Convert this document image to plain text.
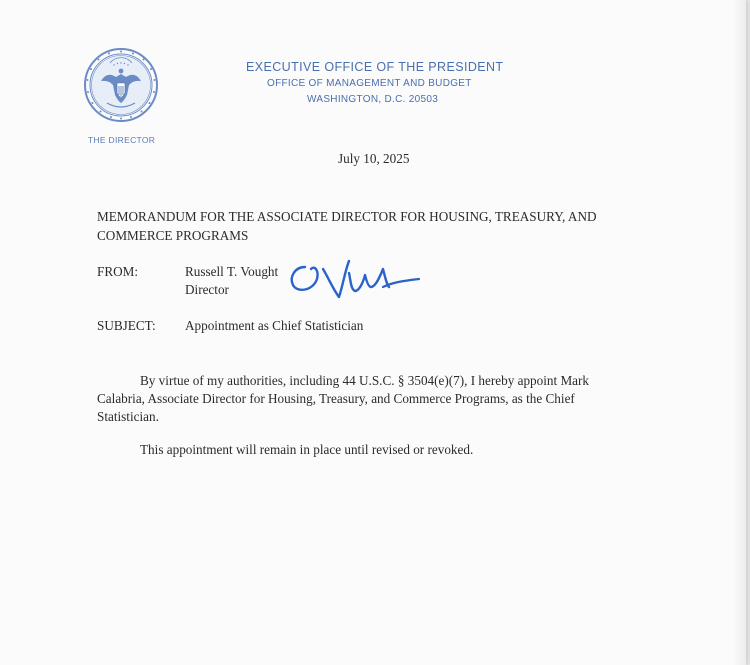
THE DIRECTOR
EXECUTIVE OFFICE OF THE PRESIDENT
OFFICE OF MANAGEMENT AND BUDGET
WASHINGTON, D.C. 20503
July 10, 2025
MEMORANDUM FOR THE ASSOCIATE DIRECTOR FOR HOUSING, TREASURY, AND
COMMERCE PROGRAMS
FROM:	Russell T. Vought
Director
SUBJECT: Appointment as Chief Statistician
By virtue of my authorities, including 44 U.S.C. § 3504(e)(7), I hereby appoint Mark
Calabria, Associate Director for Housing, Treasury, and Commerce Programs, as the Chief
Statistician.
This appointment will remain in place until revised or revoked.
